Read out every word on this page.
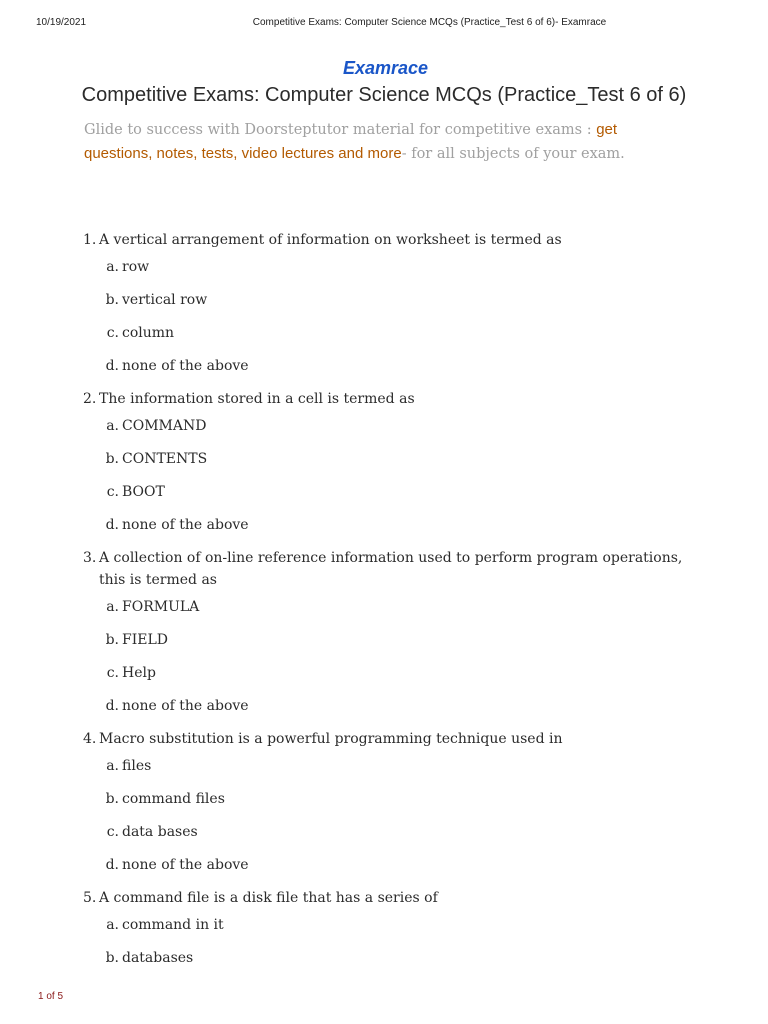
10/19/2021	Competitive Exams: Computer Science MCQs (Practice_Test 6 of 6)- Examrace
Examrace
Competitive Exams: Computer Science MCQs (Practice_Test 6 of 6)
Glide to success with Doorsteptutor material for competitive exams : get questions, notes, tests, video lectures and more- for all subjects of your exam.
1. A vertical arrangement of information on worksheet is termed as
a. row
b. vertical row
c. column
d. none of the above
2. The information stored in a cell is termed as
a. COMMAND
b. CONTENTS
c. BOOT
d. none of the above
3. A collection of on-line reference information used to perform program operations, this is termed as
a. FORMULA
b. FIELD
c. Help
d. none of the above
4. Macro substitution is a powerful programming technique used in
a. files
b. command files
c. data bases
d. none of the above
5. A command file is a disk file that has a series of
a. command in it
b. databases
1 of 5
